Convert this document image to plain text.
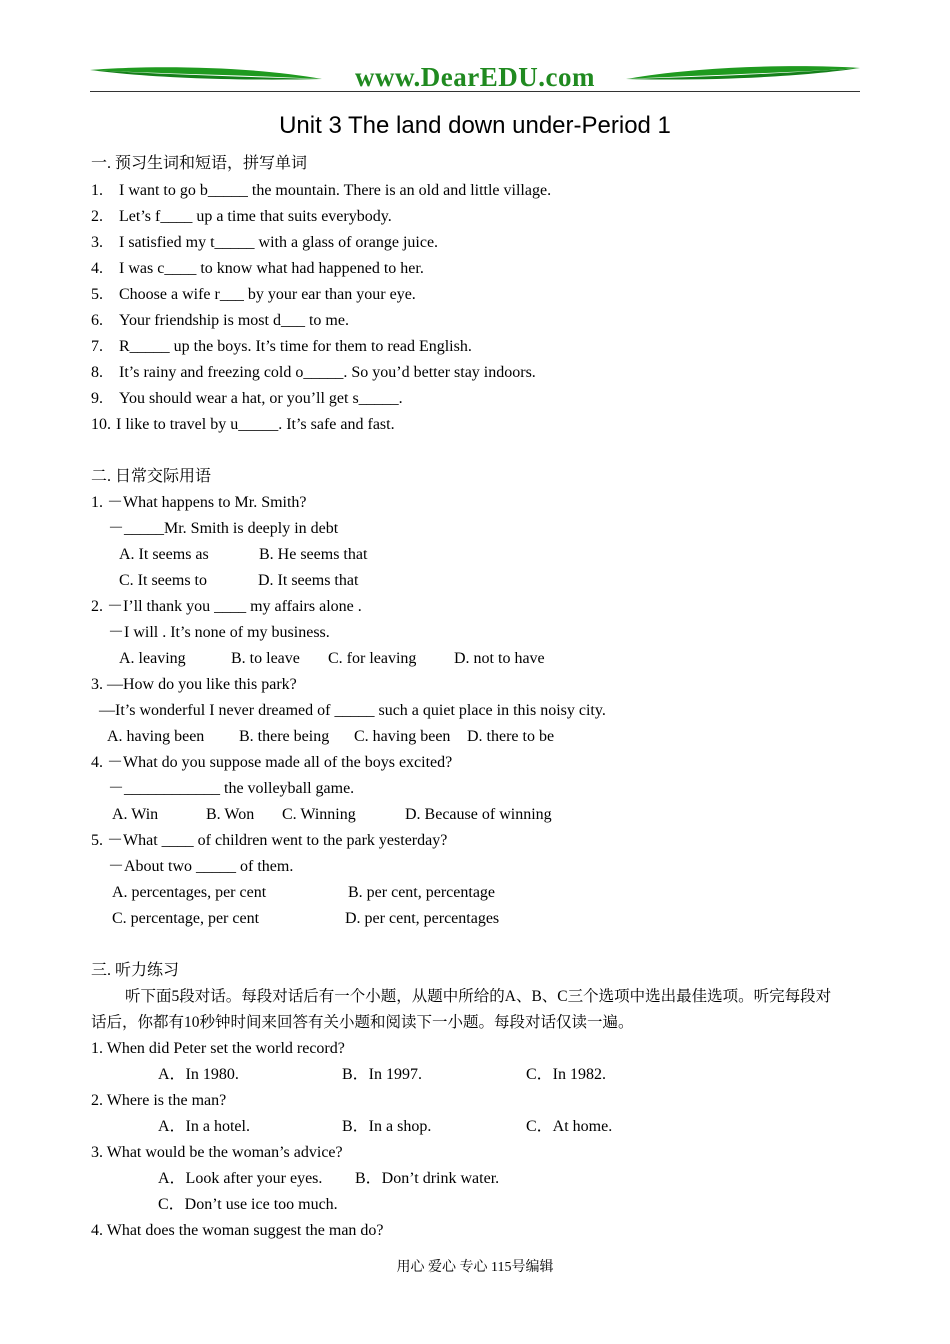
www.DearEDU.com
Unit 3 The land down under-Period 1
一. 预习生词和短语，拼写单词
1. I want to go b_____ the mountain. There is an old and little village.
2. Let’s f____ up a time that suits everybody.
3. I satisfied my t_____ with a glass of orange juice.
4. I was c____ to know what had happened to her.
5. Choose a wife r___ by your ear than your eye.
6. Your friendship is most d___ to me.
7. R_____ up the boys. It’s time for them to read English.
8. It’s rainy and freezing cold o_____. So you’d better stay indoors.
9. You should wear a hat, or you’ll get s_____.
10. I like to travel by u_____. It’s safe and fast.
二. 日常交际用语
1. －What happens to Mr. Smith?
－_____Mr. Smith is deeply in debt
A. It seems as	B. He seems that
C. It seems to	D. It seems that
2. －I’ll thank you ____ my affairs alone .
－I will . It’s none of my business.
A. leaving	B. to leave C. for leaving D. not to have
3. —How do you like this park?
—It’s wonderful I never dreamed of _____ such a quiet place in this noisy city.
A. having been B. there being C. having been D. there to be
4. －What do you suppose made all of the boys excited?
－____________ the volleyball game.
A. Win	B. Won C. Winning	D. Because of winning
5. －What ____ of children went to the park yesterday?
－About two _____ of them.
A. percentages, per cent	B. per cent, percentage
C. percentage, per cent	D. per cent, percentages
三. 听力练习
听下面5段对话。每段对话后有一个小题，从题中所给的A、B、C三个选项中选出最佳选项。听完每段对
话后，你都有10秒钟时间来回答有关小题和阅读下一小题。每段对话仅读一遍。
1. When did Peter set the world record?
A．In 1980.	B．In 1997.	C．In 1982.
2. Where is the man?
A．In a hotel.	B．In a shop.	C．At home.
3. What would be the woman’s advice?
A．Look after your eyes. B．Don’t drink water.
C．Don’t use ice too much.
4. What does the woman suggest the man do?
用心 爱心 专心 115号编辑
